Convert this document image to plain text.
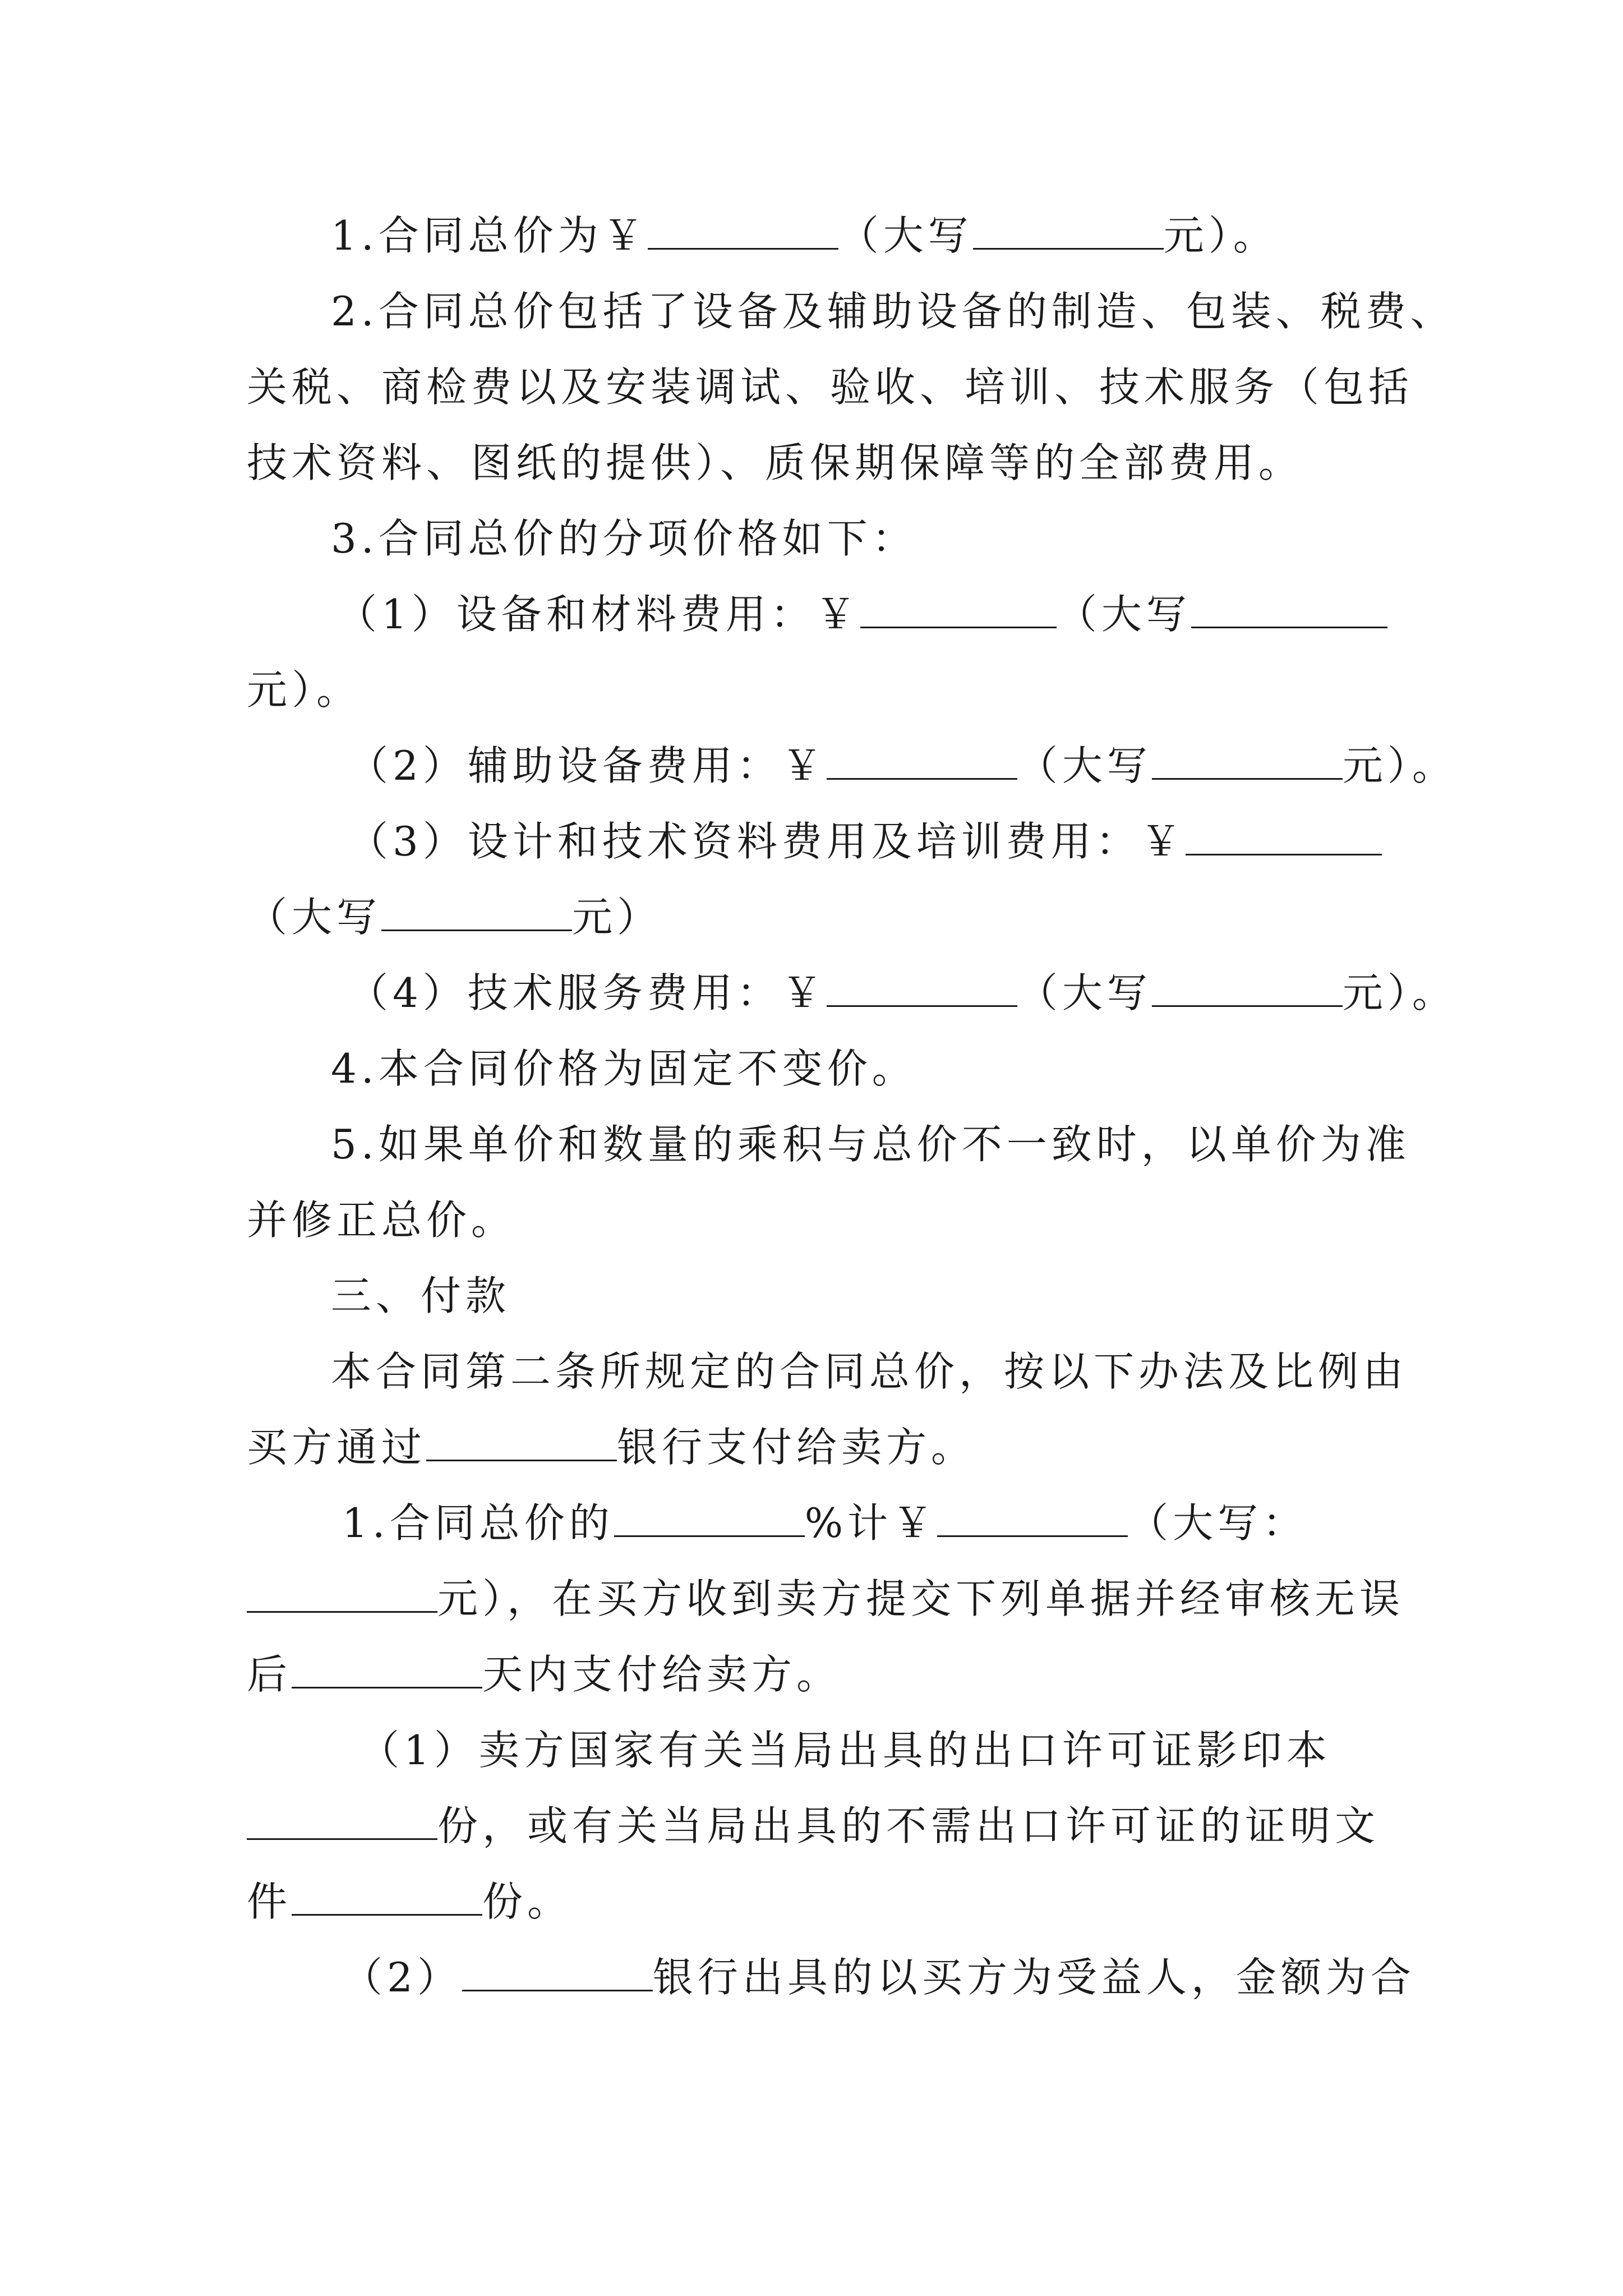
1.合同总价为￥	（大写	元）。
2.合同总价包括了设备及辅助设备的制造、包装、税费、
关税、商检费以及安装调试、验收、培训、技术服务（包括
技术资料、图纸的提供）、质保期保障等的全部费用。
3.合同总价的分项价格如下：
（1）设备和材料费用：￥	（大写
元）。
（2）辅助设备费用：￥	（大写	元）。
（3）设计和技术资料费用及培训费用：￥
（大写	元）
（4）技术服务费用：￥	（大写	元）。
4.本合同价格为固定不变价。
5.如果单价和数量的乘积与总价不一致时，以单价为准
并修正总价。
三、付款
本合同第二条所规定的合同总价，按以下办法及比例由
买方通过	银行支付给卖方。
1.合同总价的	%计￥	（大写：
元），在买方收到卖方提交下列单据并经审核无误
后	天内支付给卖方。
（1）卖方国家有关当局出具的出口许可证影印本
份，或有关当局出具的不需出口许可证的证明文
件	份。
（2）	银行出具的以买方为受益人，金额为合
